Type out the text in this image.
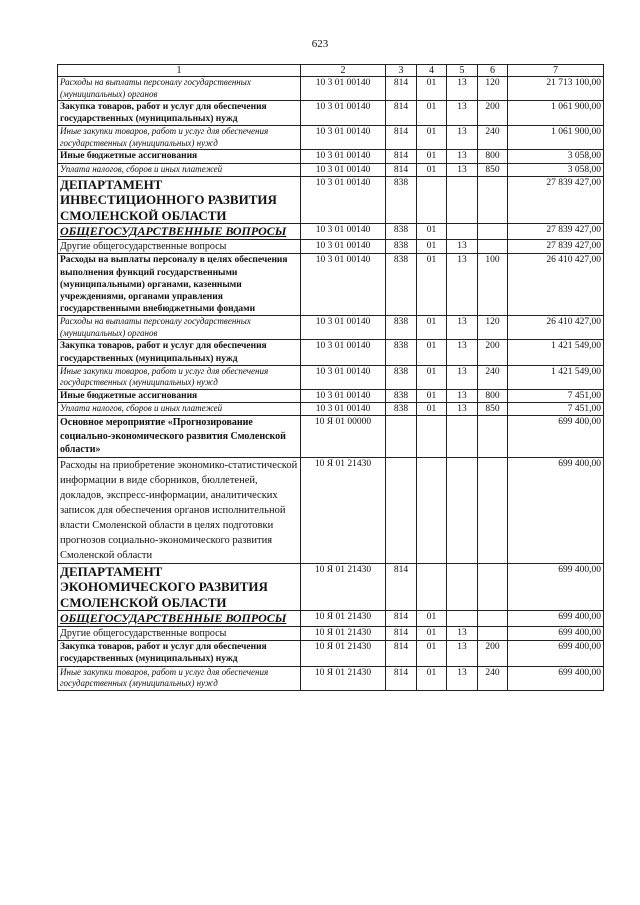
623
1	2	3	4	5	6	7
Расходы на выплаты персоналу государственных (муниципальных) органов	10 3 01 00140	814	01	13	120	21 713 100,00
Закупка товаров, работ и услуг для обеспечения государственных (муниципальных) нужд	10 3 01 00140	814	01	13	200	1 061 900,00
Иные закупки товаров, работ и услуг для обеспечения государственных (муниципальных) нужд	10 3 01 00140	814	01	13	240	1 061 900,00
Иные бюджетные ассигнования	10 3 01 00140	814	01	13	800	3 058,00
Уплата налогов, сборов и иных платежей	10 3 01 00140	814	01	13	850	3 058,00
ДЕПАРТАМЕНТ ИНВЕСТИЦИОННОГО РАЗВИТИЯ СМОЛЕНСКОЙ ОБЛАСТИ	10 3 01 00140	838				27 839 427,00
ОБЩЕГОСУДАРСТВЕННЫЕ ВОПРОСЫ	10 3 01 00140	838	01			27 839 427,00
Другие общегосударственные вопросы	10 3 01 00140	838	01	13		27 839 427,00
Расходы на выплаты персоналу в целях обеспечения выполнения функций государственными (муниципальными) органами, казенными учреждениями, органами управления государственными внебюджетными фондами	10 3 01 00140	838	01	13	100	26 410 427,00
Расходы на выплаты персоналу государственных (муниципальных) органов	10 3 01 00140	838	01	13	120	26 410 427,00
Закупка товаров, работ и услуг для обеспечения государственных (муниципальных) нужд	10 3 01 00140	838	01	13	200	1 421 549,00
Иные закупки товаров, работ и услуг для обеспечения государственных (муниципальных) нужд	10 3 01 00140	838	01	13	240	1 421 549,00
Иные бюджетные ассигнования	10 3 01 00140	838	01	13	800	7 451,00
Уплата налогов, сборов и иных платежей	10 3 01 00140	838	01	13	850	7 451,00
Основное мероприятие «Прогнозирование социально-экономического развития Смоленской области»	10 Я 01 00000					699 400,00
Расходы на приобретение экономико-статистической информации в виде сборников, бюллетеней, докладов, экспресс-информации, аналитических записок для обеспечения органов исполнительной власти Смоленской области в целях подготовки прогнозов социально-экономического развития Смоленской области	10 Я 01 21430					699 400,00
ДЕПАРТАМЕНТ ЭКОНОМИЧЕСКОГО РАЗВИТИЯ СМОЛЕНСКОЙ ОБЛАСТИ	10 Я 01 21430	814				699 400,00
ОБЩЕГОСУДАРСТВЕННЫЕ ВОПРОСЫ	10 Я 01 21430	814	01			699 400,00
Другие общегосударственные вопросы	10 Я 01 21430	814	01	13		699 400,00
Закупка товаров, работ и услуг для обеспечения государственных (муниципальных) нужд	10 Я 01 21430	814	01	13	200	699 400,00
Иные закупки товаров, работ и услуг для обеспечения государственных (муниципальных) нужд	10 Я 01 21430	814	01	13	240	699 400,00
